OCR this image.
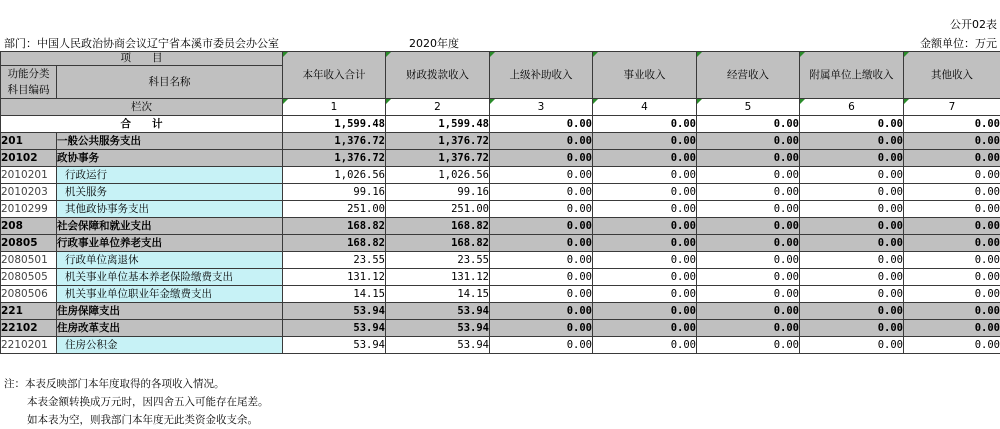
公开02表
部门：中国人民政治协商会议辽宁省本溪市委员会办公室	2020年度	金额单位：万元
项　　目		本年收入合计	财政拨款收入	上级补助收入	事业收入	经营收入	附属单位上缴收入	其他收入
功能分类
科目编码	科目名称							
栏次		1	2	3	4	5	6	7
合　　计		1,599.48	1,599.48	0.00	0.00	0.00	0.00	0.00
201	一般公共服务支出	1,376.72	1,376.72	0.00	0.00	0.00	0.00	0.00
20102	政协事务	1,376.72	1,376.72	0.00	0.00	0.00	0.00	0.00
2010201	行政运行	1,026.56	1,026.56	0.00	0.00	0.00	0.00	0.00
2010203	机关服务	99.16	99.16	0.00	0.00	0.00	0.00	0.00
2010299	其他政协事务支出	251.00	251.00	0.00	0.00	0.00	0.00	0.00
208	社会保障和就业支出	168.82	168.82	0.00	0.00	0.00	0.00	0.00
20805	行政事业单位养老支出	168.82	168.82	0.00	0.00	0.00	0.00	0.00
2080501	行政单位离退休	23.55	23.55	0.00	0.00	0.00	0.00	0.00
2080505	机关事业单位基本养老保险缴费支出	131.12	131.12	0.00	0.00	0.00	0.00	0.00
2080506	机关事业单位职业年金缴费支出	14.15	14.15	0.00	0.00	0.00	0.00	0.00
221	住房保障支出	53.94	53.94	0.00	0.00	0.00	0.00	0.00
22102	住房改革支出	53.94	53.94	0.00	0.00	0.00	0.00	0.00
2210201	住房公积金	53.94	53.94	0.00	0.00	0.00	0.00	0.00
注：本表反映部门本年度取得的各项收入情况。
本表金额转换成万元时，因四舍五入可能存在尾差。
如本表为空，则我部门本年度无此类资金收支余。
